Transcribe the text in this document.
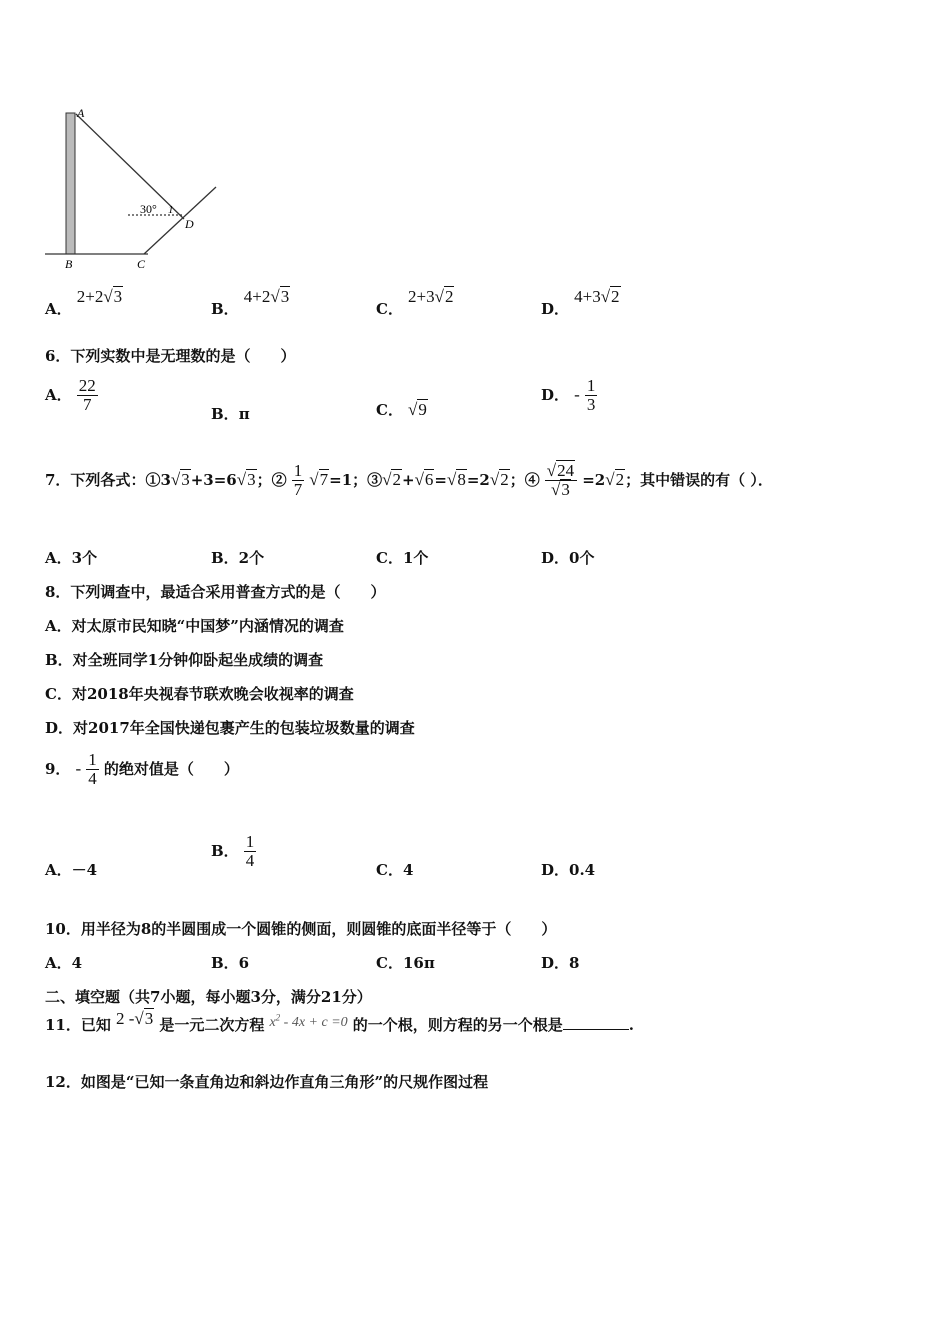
A
B	C
D
30° 1
A． 2+2√3
B． 4+2√3
C． 2+3√2
D． 4+3√2
6．下列实数中是无理数的是（　　）
A． $\frac{22}{7}$
B．π	C． √9
D． - $\frac{1}{3}$
7．下列各式：①3√3+3=6√3；② $\frac{1}{7} √7=1$；③√2+√6=√8=2√2；④ $\frac{√24}{√3} =2√2$；其中错误的有（ ）．
A．3个	B．2个	C．1个	D．0个
8．下列调查中，最适合采用普查方式的是（　　）
A．对太原市民知晓“中国梦”内涵情况的调查
B．对全班同学1分钟仰卧起坐成绩的调查
C．对2018年央视春节联欢晚会收视率的调查
D．对2017年全国快递包裹产生的包装垃圾数量的调查
9． - $\frac{1}{4}$ 的绝对值是（　　）
A．－4
B． $\frac{1}{4}$
C．4	D．0.4
10．用半径为8的半圆围成一个圆锥的侧面，则圆锥的底面半径等于（　　）
A．4	B．6	C．16π	D．8
二、填空题（共7小题，每小题3分，满分21分）
11．已知 2 -√3 是一元二次方程 $x^2 - 4x + c =0$ 的一个根，则方程的另一个根是	.
12．如图是“已知一条直角边和斜边作直角三角形”的尺规作图过程
